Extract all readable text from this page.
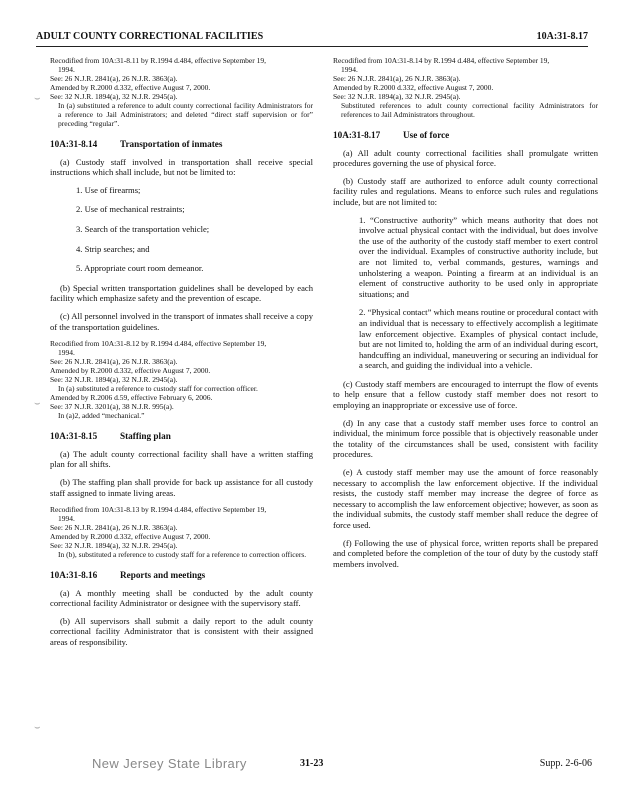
ADULT COUNTY CORRECTIONAL FACILITIES	10A:31-8.17

Recodified from 10A:31-8.11 by R.1994 d.484, effective September 19,

1994.

See: 26 N.J.R. 2841(a), 26 N.J.R. 3863(a).

Amended by R.2000 d.332, effective August 7, 2000.

See: 32 N.J.R. 1894(a), 32 N.J.R. 2945(a).

In (a) substituted a reference to adult county correctional facility Administrators for a reference to Jail Administrators; and deleted “direct staff supervision or for” preceding “regular”.

10A:31-8.14 Transportation of inmates

(a) Custody staff involved in transportation shall receive special instructions which shall include, but not be limited to:

1. Use of firearms;
2. Use of mechanical restraints;
3. Search of the transportation vehicle;
4. Strip searches; and
5. Appropriate court room demeanor.

(b) Special written transportation guidelines shall be developed by each facility which emphasize safety and the prevention of escape.

(c) All personnel involved in the transport of inmates shall receive a copy of the transportation guidelines.

Recodified from 10A:31-8.12 by R.1994 d.484, effective September 19,

1994.

See: 26 N.J.R. 2841(a), 26 N.J.R. 3863(a).

Amended by R.2000 d.332, effective August 7, 2000.

See: 32 N.J.R. 1894(a), 32 N.J.R. 2945(a).

In (a) substituted a reference to custody staff for correction officer.

Amended by R.2006 d.59, effective February 6, 2006.

See: 37 N.J.R. 3201(a), 38 N.J.R. 995(a).

In (a)2, added “mechanical.”

10A:31-8.15 Staffing plan

(a) The adult county correctional facility shall have a written staffing plan for all shifts.

(b) The staffing plan shall provide for back up assistance for all custody staff assigned to inmate living areas.

Recodified from 10A:31-8.13 by R.1994 d.484, effective September 19,

1994.

See: 26 N.J.R. 2841(a), 26 N.J.R. 3863(a).

Amended by R.2000 d.332, effective August 7, 2000.

See: 32 N.J.R. 1894(a), 32 N.J.R. 2945(a).

In (b), substituted a reference to custody staff for a reference to correction officers.

10A:31-8.16 Reports and meetings

(a) A monthly meeting shall be conducted by the adult county correctional facility Administrator or designee with the supervisory staff.

(b) All supervisors shall submit a daily report to the adult county correctional facility Administrator that is consistent with their assigned areas of responsibility.

Recodified from 10A:31-8.14 by R.1994 d.484, effective September 19,

1994.

See: 26 N.J.R. 2841(a), 26 N.J.R. 3863(a).

Amended by R.2000 d.332, effective August 7, 2000.

See: 32 N.J.R. 1894(a), 32 N.J.R. 2945(a).

Substituted references to adult county correctional facility Administrators for references to Jail Administrators throughout.

10A:31-8.17 Use of force

(a) All adult county correctional facilities shall promulgate written procedures governing the use of physical force.

(b) Custody staff are authorized to enforce adult county correctional facility rules and regulations. Means to enforce such rules and regulations include, but are not limited to:

1. “Constructive authority” which means authority that does not involve actual physical contact with the individual, but does involve the use of the authority of the custody staff member to exert control over the individual. Examples of constructive authority include, but are not limited to, verbal commands, gestures, warnings and unholstering a weapon. Pointing a firearm at an individual is an element of constructive authority to be used only in appropriate situations; and

2. “Physical contact” which means routine or procedural contact with an individual that is necessary to effectively accomplish a legitimate law enforcement objective. Examples of physical contact include, but are not limited to, holding the arm of an individual during escort, handcuffing an individual, maneuvering or securing an individual for a search, and guiding the individual into a vehicle.

(c) Custody staff members are encouraged to interrupt the flow of events to help ensure that a fellow custody staff member does not resort to employing an inappropriate or excessive use of force.

(d) In any case that a custody staff member uses force to control an individual, the minimum force possible that is objectively reasonable under the totality of the circumstances shall be used, consistent with facility procedures.

(e) A custody staff member may use the amount of force reasonably necessary to accomplish the law enforcement objective. If the individual resists, the custody staff member may increase the degree of force as necessary to accomplish the law enforcement objective; however, as soon as the individual submits, the custody staff member shall reduce the degree of force used.

(f) Following the use of physical force, written reports shall be prepared and completed before the completion of the tour of duty by the custody staff members involved.

⌣
⌣
⌣
New Jersey State Library	31-23	Supp. 2-6-06
